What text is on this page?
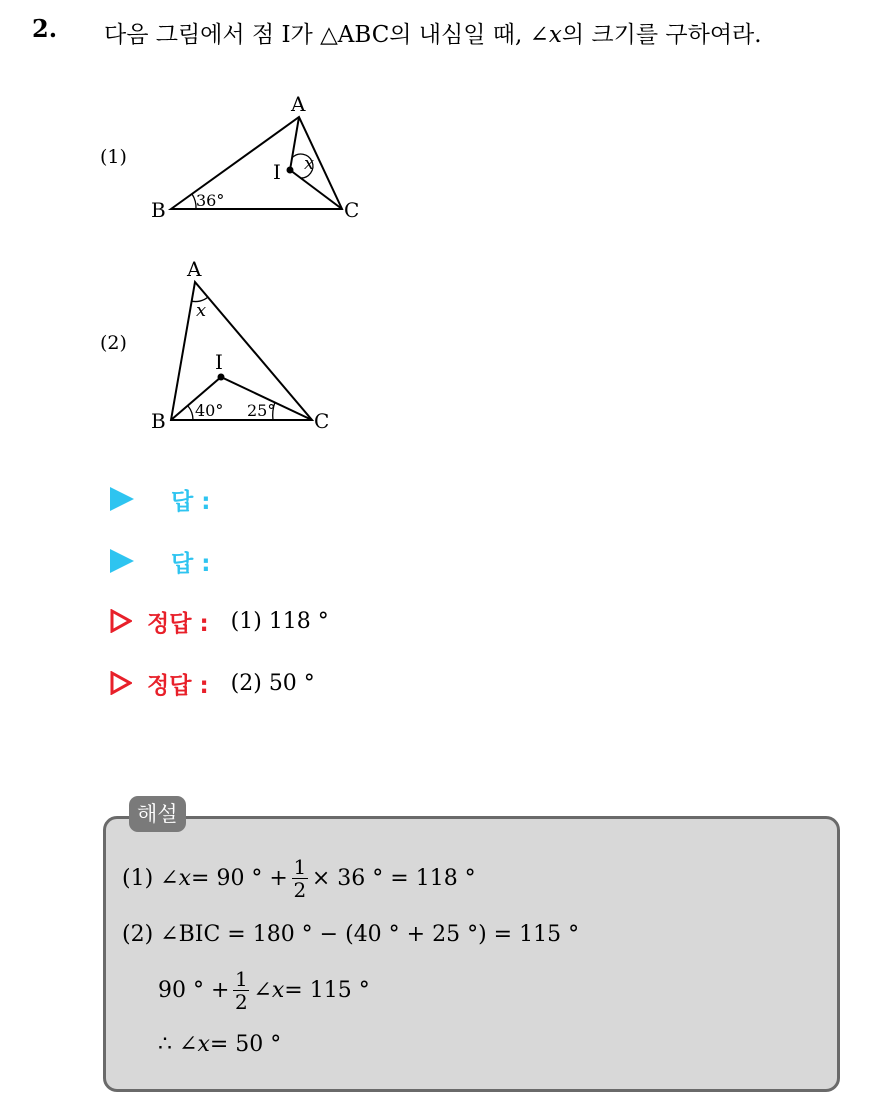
2. 다음 그림에서 점 I가 △ABC의 내심일 때, ∠x의 크기를 구하여라.
(1)
A
B	C
I x
36°
(2)
A
B	C
I
x
40° 25°
답 :
답 :
정답 : (1) 118 °
정답 : (2) 50 °
해설
(1) ∠ x = 90 ° + $\frac{1}{2} \times 36$ ° = 118 °
(2) ∠BIC = 180 ° − (40 ° + 25 °) = 115 °
90 ° + $\frac{1}{2}$ ∠ x = 115 °
∴ ∠ x = 50 °
